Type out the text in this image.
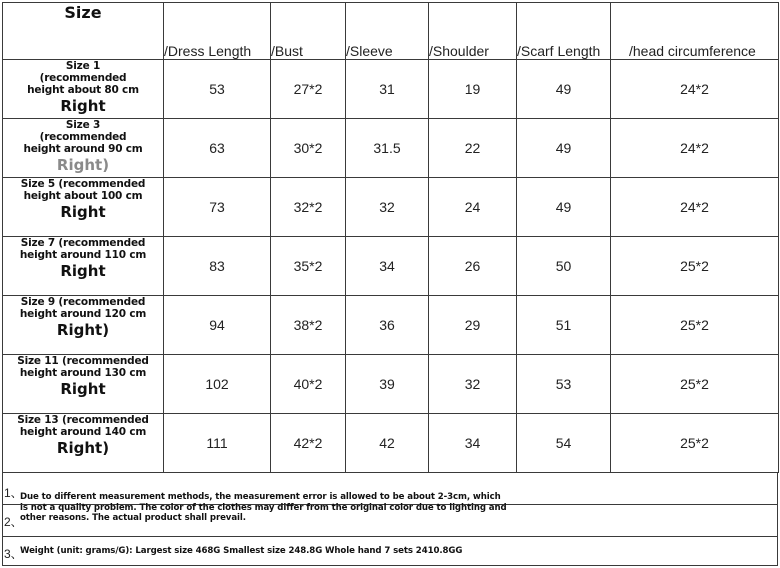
Size	/Dress Length	/Bust	/Sleeve	/Shoulder	/Scarf Length	/head circumference

Size 1 (recommended height about 80 cm
Right	53	27*2	31	19	49	24*2

Size 3 (recommended height around 90 cm
Right)	63	30*2	31.5	22	49	24*2

Size 5 (recommended height about 100 cm
Right	73	32*2	32	24	49	24*2

Size 7 (recommended height around 110 cm
Right	83	35*2	34	26	50	25*2

Size 9 (recommended height around 120 cm
Right)	94	38*2	36	29	51	25*2

Size 11 (recommended height around 130 cm
Right	102	40*2	39	32	53	25*2

Size 13 (recommended height around 140 cm
Right)	111	42*2	42	34	54	25*2
1、
2、
3、
Due to different measurement methods, the measurement error is allowed to be about 2-3cm, which is not a quality problem. The color of the clothes may differ from the original color due to lighting and other reasons. The actual product shall prevail.
Weight (unit: grams/G): Largest size 468G Smallest size 248.8G Whole hand 7 sets 2410.8GG
